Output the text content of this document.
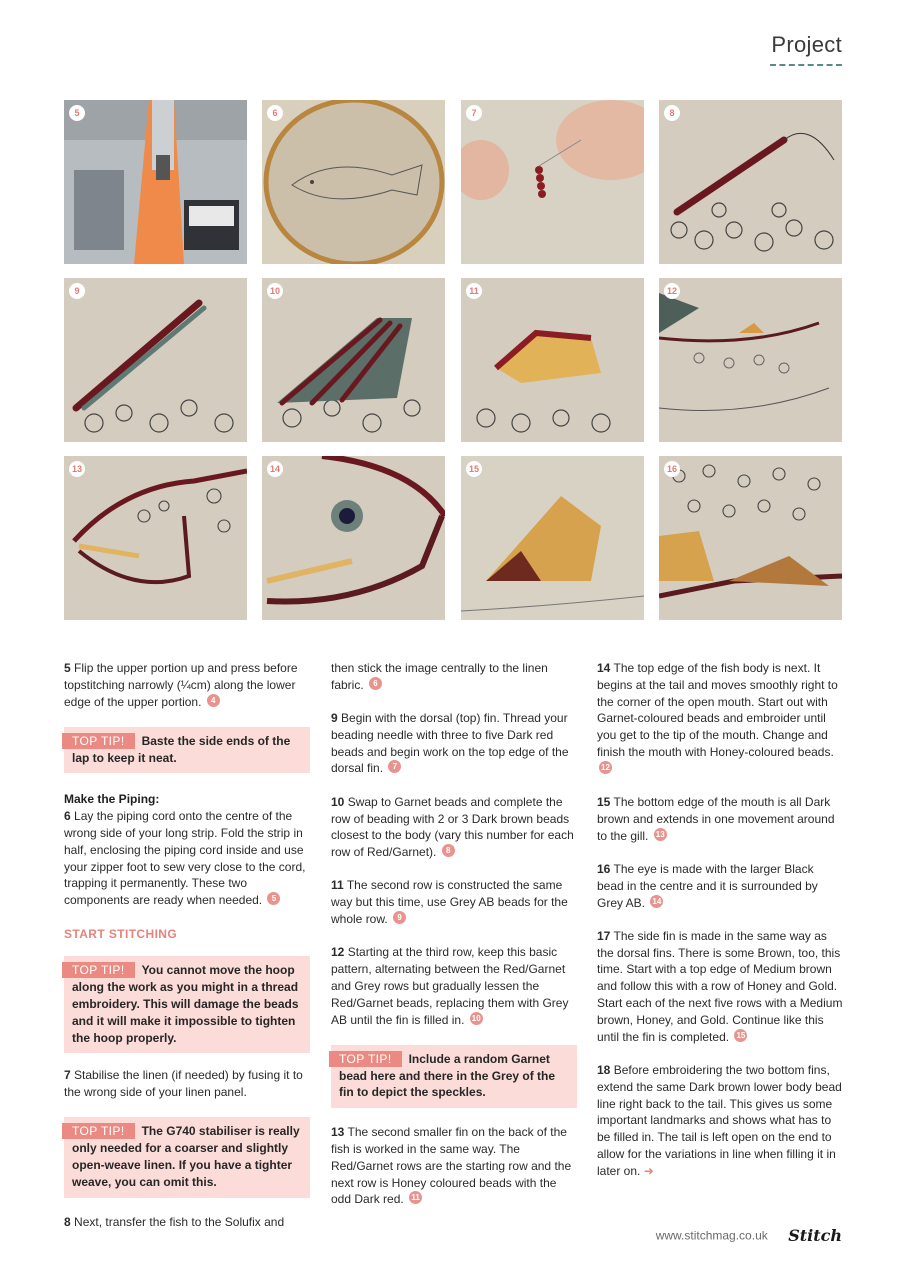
Project
5	6	7	8
9	10	11	12
13	14	15	16

5 Flip the upper portion up and press before topstitching narrowly (¼cm) along the lower edge of the upper portion. 4

TOP TIP! Baste the side ends of the lap to keep it neat.

Make the Piping:
6 Lay the piping cord onto the centre of the wrong side of your long strip. Fold the strip in half, enclosing the piping cord inside and use your zipper foot to sew very close to the cord, trapping it permanently. These two components are ready when needed. 5

START STITCHING
TOP TIP! You cannot move the hoop along the work as you might in a thread embroidery. This will damage the beads and it will make it impossible to tighten the hoop properly.

7 Stabilise the linen (if needed) by fusing it to the wrong side of your linen panel.

TOP TIP! The G740 stabiliser is really only needed for a coarser and slightly open-weave linen. If you have a tighter weave, you can omit this.

8 Next, transfer the fish to the Solufix and

then stick the image centrally to the linen fabric. 6

9 Begin with the dorsal (top) fin. Thread your beading needle with three to five Dark red beads and begin work on the top edge of the dorsal fin. 7

10 Swap to Garnet beads and complete the row of beading with 2 or 3 Dark brown beads closest to the body (vary this number for each row of Red/Garnet). 8

11 The second row is constructed the same way but this time, use Grey AB beads for the whole row. 9

12 Starting at the third row, keep this basic pattern, alternating between the Red/Garnet and Grey rows but gradually lessen the Red/Garnet beads, replacing them with Grey AB until the fin is filled in. 10

TOP TIP! Include a random Garnet bead here and there in the Grey of the fin to depict the speckles.

13 The second smaller fin on the back of the fish is worked in the same way. The Red/Garnet rows are the starting row and the next row is Honey coloured beads with the odd Dark red. 11

14 The top edge of the fish body is next. It begins at the tail and moves smoothly right to the corner of the open mouth. Start out with Garnet-coloured beads and embroider until you get to the tip of the mouth. Change and finish the mouth with Honey-coloured beads. 12

15 The bottom edge of the mouth is all Dark brown and extends in one movement around to the gill. 13

16 The eye is made with the larger Black bead in the centre and it is surrounded by Grey AB. 14

17 The side fin is made in the same way as the dorsal fins. There is some Brown, too, this time. Start with a top edge of Medium brown and follow this with a row of Honey and Gold. Start each of the next five rows with a Medium brown, Honey, and Gold. Continue like this until the fin is completed. 15

18 Before embroidering the two bottom fins, extend the same Dark brown lower body bead line right back to the tail. This gives us some important landmarks and shows what has to be filled in. The tail is left open on the end to allow for the variations in line when filling it in later on. ➜

www.stitchmag.co.uk Stitch
